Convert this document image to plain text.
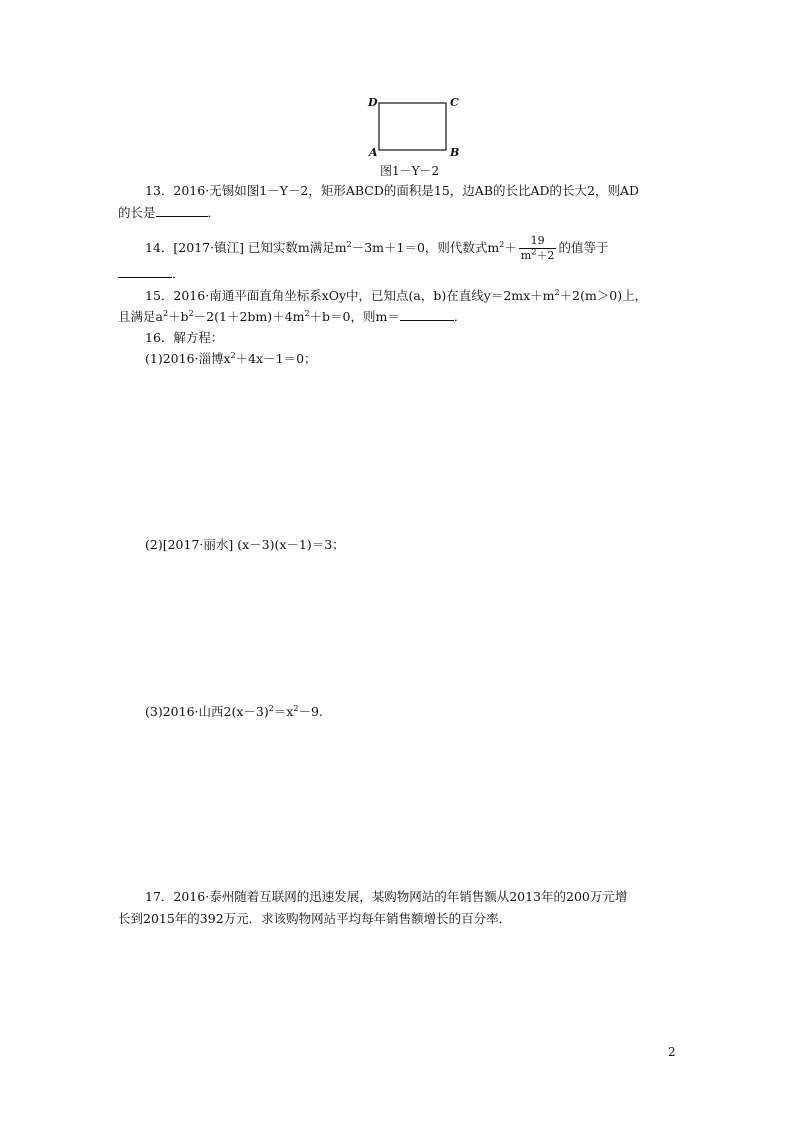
D	C
A	B
图1－Y－2
13．2016·无锡如图1－Y－2，矩形ABCD的面积是15，边AB的长比AD的长大2，则AD
的长是	．
14．[2017·镇江] 已知实数m满足$m^2-3m+1=0$，则代数式$m^2+ \frac{19}{m^2+2}$ 的值等于
．
15．2016·南通平面直角坐标系xOy中，已知点(a，b)在直线$y=2mx+m^2+2(m>0)$上，
且满足$a^2+b^2-2(1+2bm)+4m^2+b=0$，则m＝	．
16．解方程：
(1)2016·淄博$x^2+4x-1=0$；
(2)[2017·丽水] (x－3)(x－1)＝3；
(3)2016·山西$2(x-3)^2=x^2-9$.
17．2016·泰州随着互联网的迅速发展，某购物网站的年销售额从2013年的200万元增
长到2015年的392万元．求该购物网站平均每年销售额增长的百分率．
2
